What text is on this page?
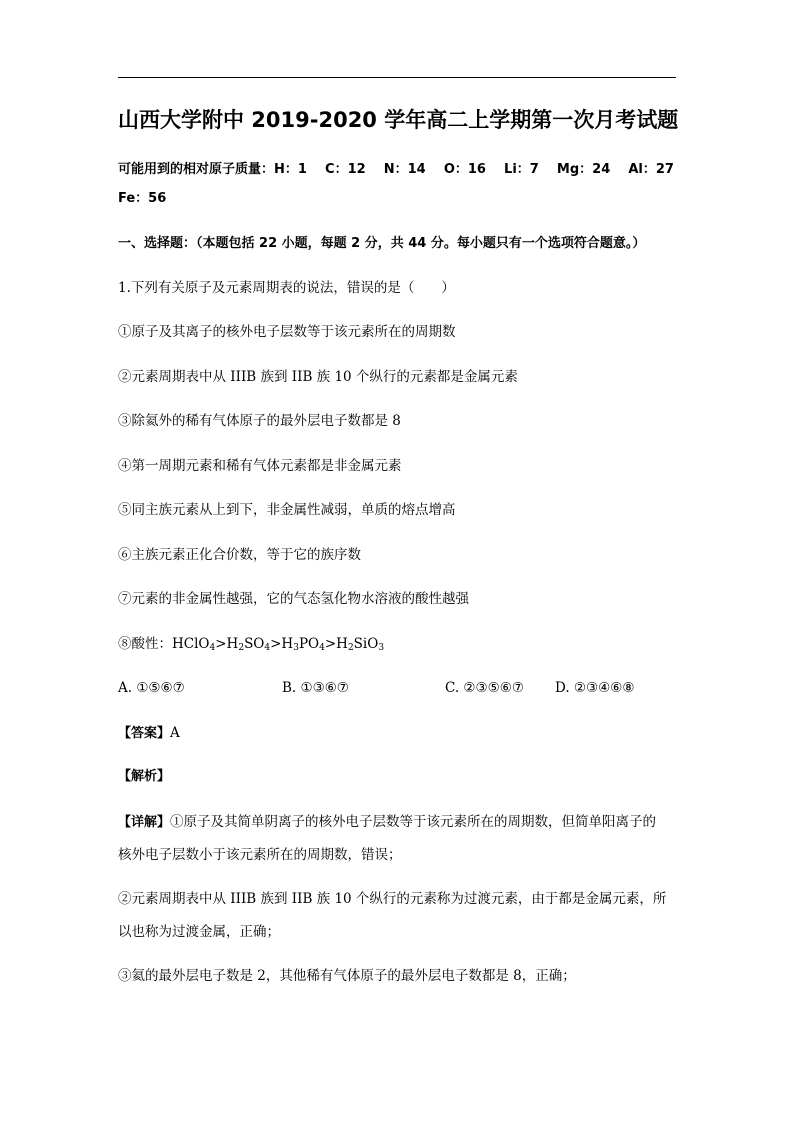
山西大学附中 2019-2020 学年高二上学期第一次月考试题
可能用到的相对原子质量：H：1 C：12 N：14 O：16 Li：7 Mg：24 Al：27
Fe：56
一、选择题：（本题包括 22 小题，每题 2 分，共 44 分。每小题只有一个选项符合题意。）
1.下列有关原子及元素周期表的说法，错误的是（　　）
①原子及其离子的核外电子层数等于该元素所在的周期数
②元素周期表中从 IIIB 族到 IIB 族 10 个纵行的元素都是金属元素
③除氦外的稀有气体原子的最外层电子数都是 8
④第一周期元素和稀有气体元素都是非金属元素
⑤同主族元素从上到下，非金属性减弱，单质的熔点增高
⑥主族元素正化合价数，等于它的族序数
⑦元素的非金属性越强，它的气态氢化物水溶液的酸性越强
⑧酸性：$HClO_4>H_2SO_4>H_3PO_4>H_2SiO_3$
A. ①⑤⑥⑦	B. ①③⑥⑦	C. ②③⑤⑥⑦ D. ②③④⑥⑧
【答案】A
【解析】
【详解】①原子及其简单阴离子的核外电子层数等于该元素所在的周期数，但简单阳离子的
核外电子层数小于该元素所在的周期数，错误；
②元素周期表中从 IIIB 族到 IIB 族 10 个纵行的元素称为过渡元素，由于都是金属元素，所
以也称为过渡金属，正确；
③氦的最外层电子数是 2，其他稀有气体原子的最外层电子数都是 8，正确；
